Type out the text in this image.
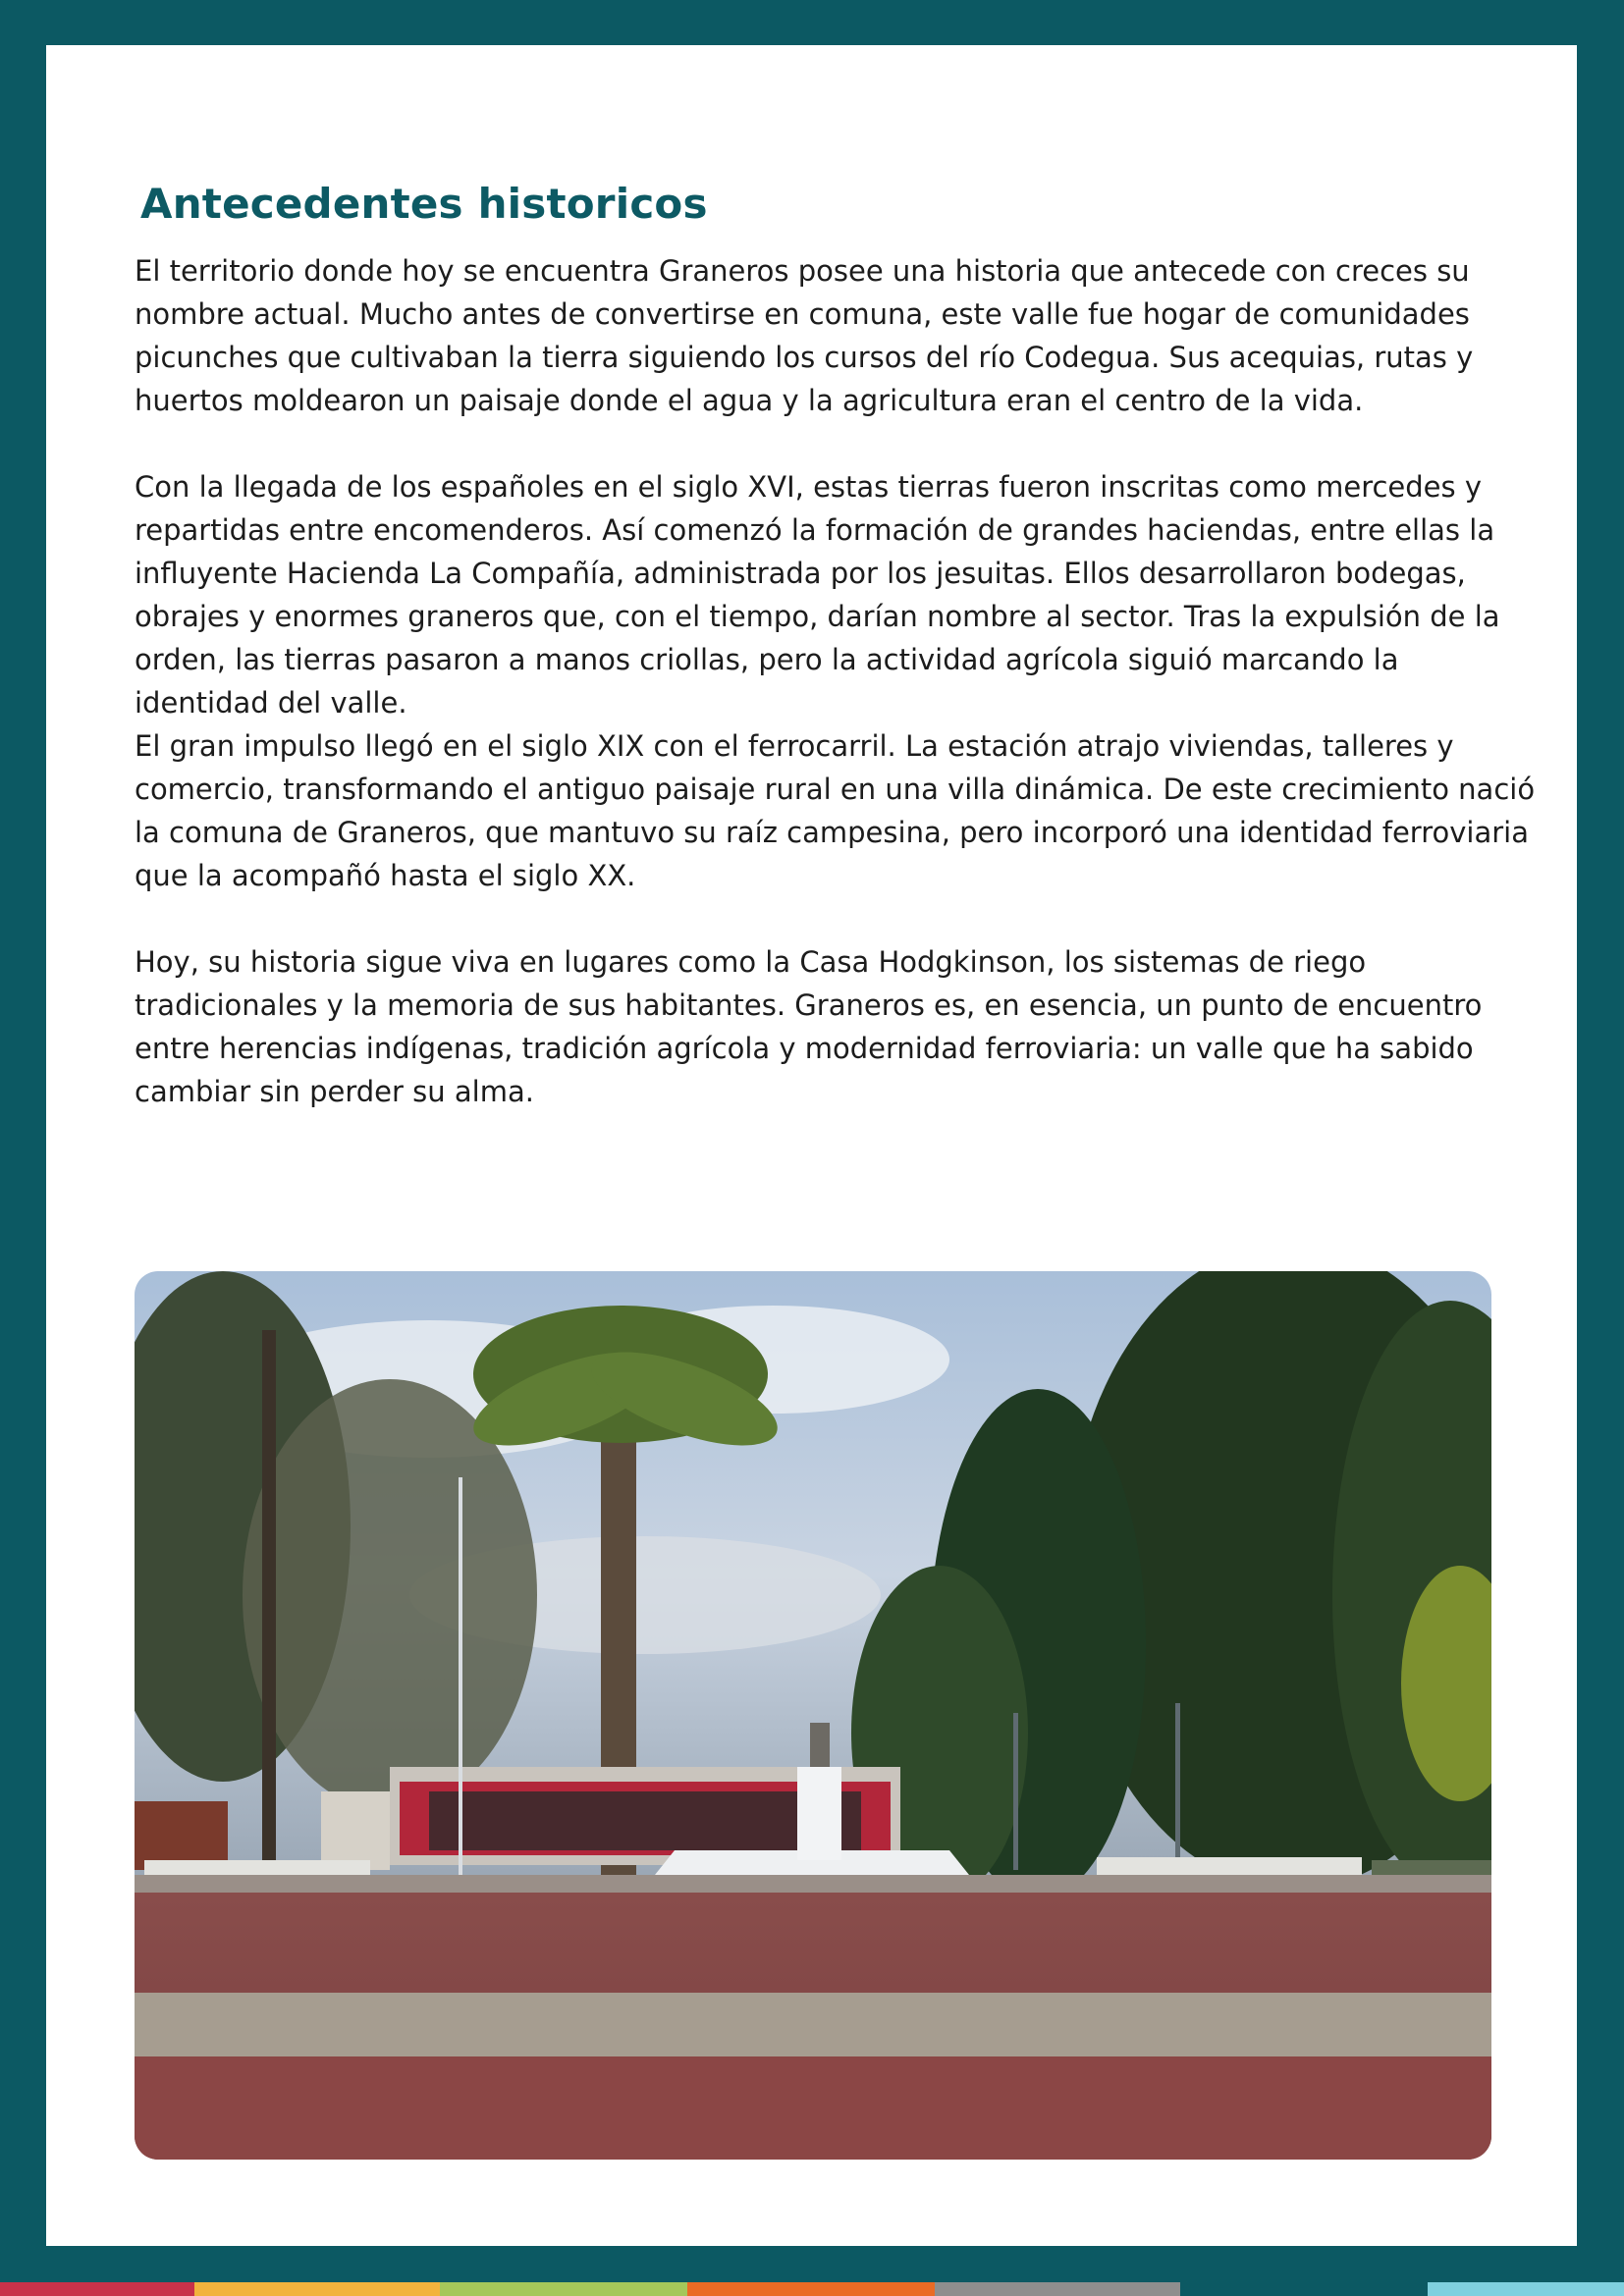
Antecedentes historicos

El territorio donde hoy se encuentra Graneros posee una historia que antecede con creces su nombre actual. Mucho antes de convertirse en comuna, este valle fue hogar de comunidades picunches que cultivaban la tierra siguiendo los cursos del río Codegua. Sus acequias, rutas y huertos moldearon un paisaje donde el agua y la agricultura eran el centro de la vida.

Con la llegada de los españoles en el siglo XVI, estas tierras fueron inscritas como mercedes y repartidas entre encomenderos. Así comenzó la formación de grandes haciendas, entre ellas la influyente Hacienda La Compañía, administrada por los jesuitas. Ellos desarrollaron bodegas, obrajes y enormes graneros que, con el tiempo, darían nombre al sector. Tras la expulsión de la orden, las tierras pasaron a manos criollas, pero la actividad agrícola siguió marcando la identidad del valle.

El gran impulso llegó en el siglo XIX con el ferrocarril. La estación atrajo viviendas, talleres y comercio, transformando el antiguo paisaje rural en una villa dinámica. De este crecimiento nació la comuna de Graneros, que mantuvo su raíz campesina, pero incorporó una identidad ferroviaria que la acompañó hasta el siglo XX.

Hoy, su historia sigue viva en lugares como la Casa Hodgkinson, los sistemas de riego tradicionales y la memoria de sus habitantes. Graneros es, en esencia, un punto de encuentro entre herencias indígenas, tradición agrícola y modernidad ferroviaria: un valle que ha sabido cambiar sin perder su alma.
